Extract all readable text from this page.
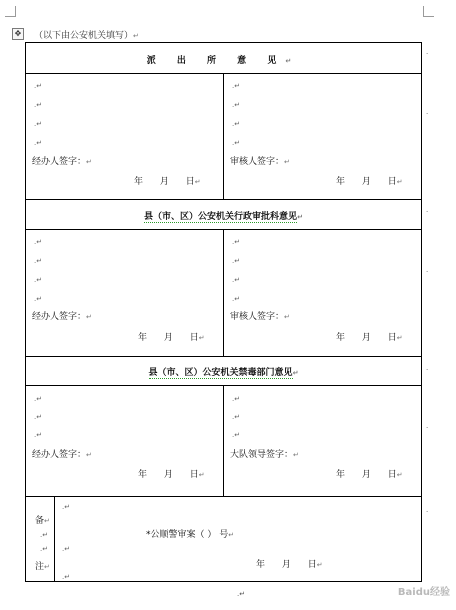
✥ （以下由公安机关填写）↵
派 出 所 意 见↵
.↵
.↵
.↵
.↵
经办人签字：↵
年 月 日↵
.↵
.↵
.↵
.↵
审核人签字：↵
年 月 日↵
县（市、区）公安机关行政审批科意见↵
.↵
.↵
.↵
.↵
经办人签字：↵
年 月 日↵
.↵
.↵
.↵
.↵
审核人签字：↵
年 月 日↵
县（市、区）公安机关禁毒部门意见↵
.↵
.↵
.↵
经办人签字：↵
年 月 日↵
.↵
.↵
.↵
大队领导签字：↵
年 月 日↵
备↵
.↵
.↵
注↵
.↵
*公顺警审案（ ） 号↵
.↵
年 月 日↵
.↵
.
.
.
.
.
.
.
.↵	Baidu经验
